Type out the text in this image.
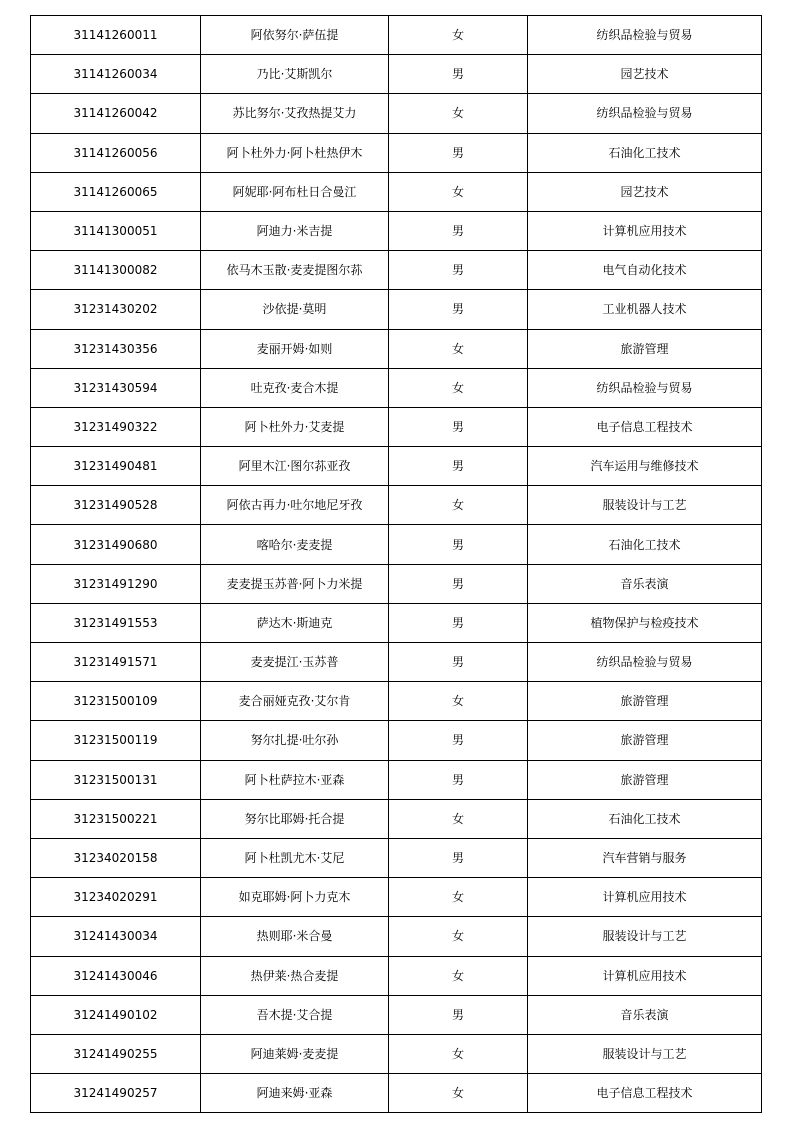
31141260011	阿依努尔·萨伍提	女	纺织品检验与贸易
31141260034	乃比·艾斯凯尔	男	园艺技术
31141260042	苏比努尔·艾孜热提艾力	女	纺织品检验与贸易
31141260056	阿卜杜外力·阿卜杜热伊木	男	石油化工技术
31141260065	阿妮耶·阿布杜日合曼江	女	园艺技术
31141300051	阿迪力·米吉提	男	计算机应用技术
31141300082	依马木玉散·麦麦提图尔荪	男	电气自动化技术
31231430202	沙依提·莫明	男	工业机器人技术
31231430356	麦丽开姆·如则	女	旅游管理
31231430594	吐克孜·麦合木提	女	纺织品检验与贸易
31231490322	阿卜杜外力·艾麦提	男	电子信息工程技术
31231490481	阿里木江·图尔荪亚孜	男	汽车运用与维修技术
31231490528	阿依古再力·吐尔地尼牙孜	女	服装设计与工艺
31231490680	喀哈尔·麦麦提	男	石油化工技术
31231491290	麦麦提玉苏普·阿卜力米提	男	音乐表演
31231491553	萨达木·斯迪克	男	植物保护与检疫技术
31231491571	麦麦提江·玉苏普	男	纺织品检验与贸易
31231500109	麦合丽娅克孜·艾尔肯	女	旅游管理
31231500119	努尔扎提·吐尔孙	男	旅游管理
31231500131	阿卜杜萨拉木·亚森	男	旅游管理
31231500221	努尔比耶姆·托合提	女	石油化工技术
31234020158	阿卜杜凯尤木·艾尼	男	汽车营销与服务
31234020291	如克耶姆·阿卜力克木	女	计算机应用技术
31241430034	热则耶·米合曼	女	服装设计与工艺
31241430046	热伊莱·热合麦提	女	计算机应用技术
31241490102	吾木提·艾合提	男	音乐表演
31241490255	阿迪莱姆·麦麦提	女	服装设计与工艺
31241490257	阿迪来姆·亚森	女	电子信息工程技术
